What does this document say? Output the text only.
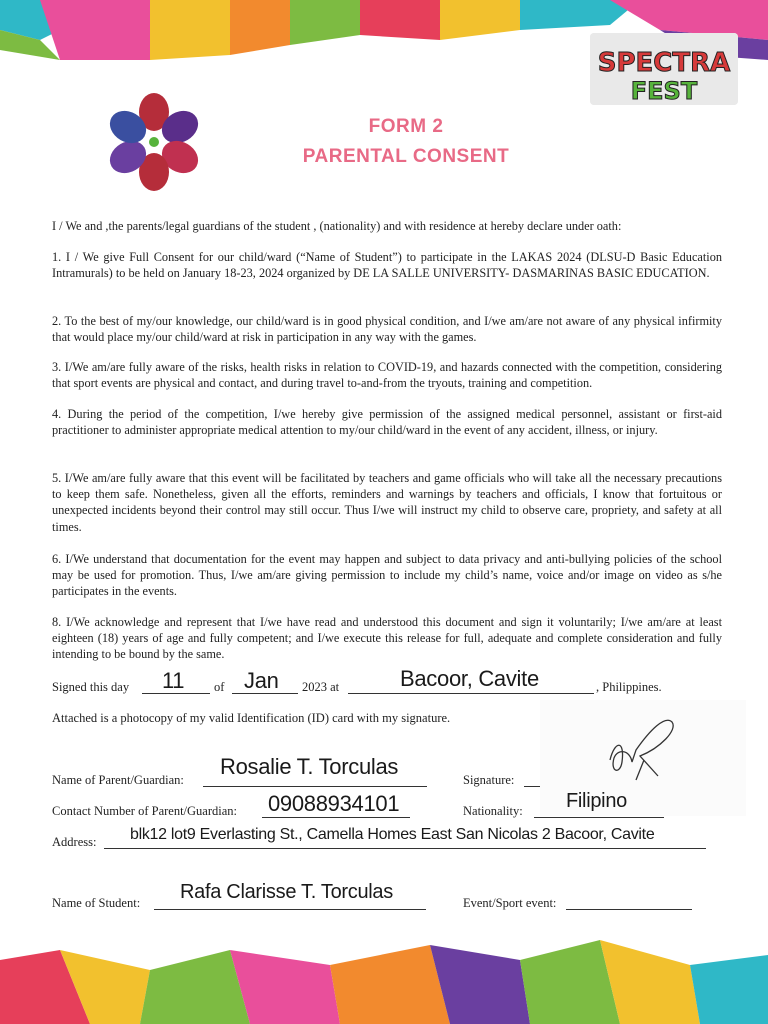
SPECTRA
FEST
FORM 2
PARENTAL CONSENT

I / We and ,the parents/legal guardians of the student , (nationality) and with residence at hereby declare under oath:

1. I / We give Full Consent for our child/ward (“Name of Student”) to participate in the LAKAS 2024 (DLSU-D Basic Education Intramurals) to be held on January 18-23, 2024 organized by DE LA SALLE UNIVERSITY- DASMARINAS BASIC EDUCATION.

2. To the best of my/our knowledge, our child/ward is in good physical condition, and I/we am/are not aware of any physical infirmity that would place my/our child/ward at risk in participation in any way with the games.

3. I/We am/are fully aware of the risks, health risks in relation to COVID-19, and hazards connected with the competition, considering that sport events are physical and contact, and during travel to-and-from the tryouts, training and competition.

4. During the period of the competition, I/we hereby give permission of the assigned medical personnel, assistant or first-aid practitioner to administer appropriate medical attention to my/our child/ward in the event of any accident, illness, or injury.

5. I/We am/are fully aware that this event will be facilitated by teachers and game officials who will take all the necessary precautions to keep them safe. Nonetheless, given all the efforts, reminders and warnings by teachers and officials, I know that fortuitous or unexpected incidents beyond their control may still occur. Thus I/we will instruct my child to observe care, propriety, and safety at all times.

6. I/We understand that documentation for the event may happen and subject to data privacy and anti-bullying policies of the school may be used for promotion. Thus, I/we am/are giving permission to include my child’s name, voice and/or image on video as s/he participates in the events.

8. I/We acknowledge and represent that I/we have read and understood this document and sign it voluntarily; I/we am/are at least eighteen (18) years of age and fully competent; and I/we execute this release for full, adequate and complete consideration and fully intending to be bound by the same.

Signed this day 11 of Jan 2023 at	Bacoor, Cavite	, Philippines.
Attached is a photocopy of my valid Identification (ID) card with my signature.
Name of Parent/Guardian:
Rosalie T. Torculas
Signature:
Contact Number of Parent/Guardian: 09088934101	Nationality: Filipino
Address: blk12 lot9 Everlasting St., Camella Homes East San Nicolas 2 Bacoor, Cavite
Name of Student: Rafa Clarisse T. Torculas	Event/Sport event:
